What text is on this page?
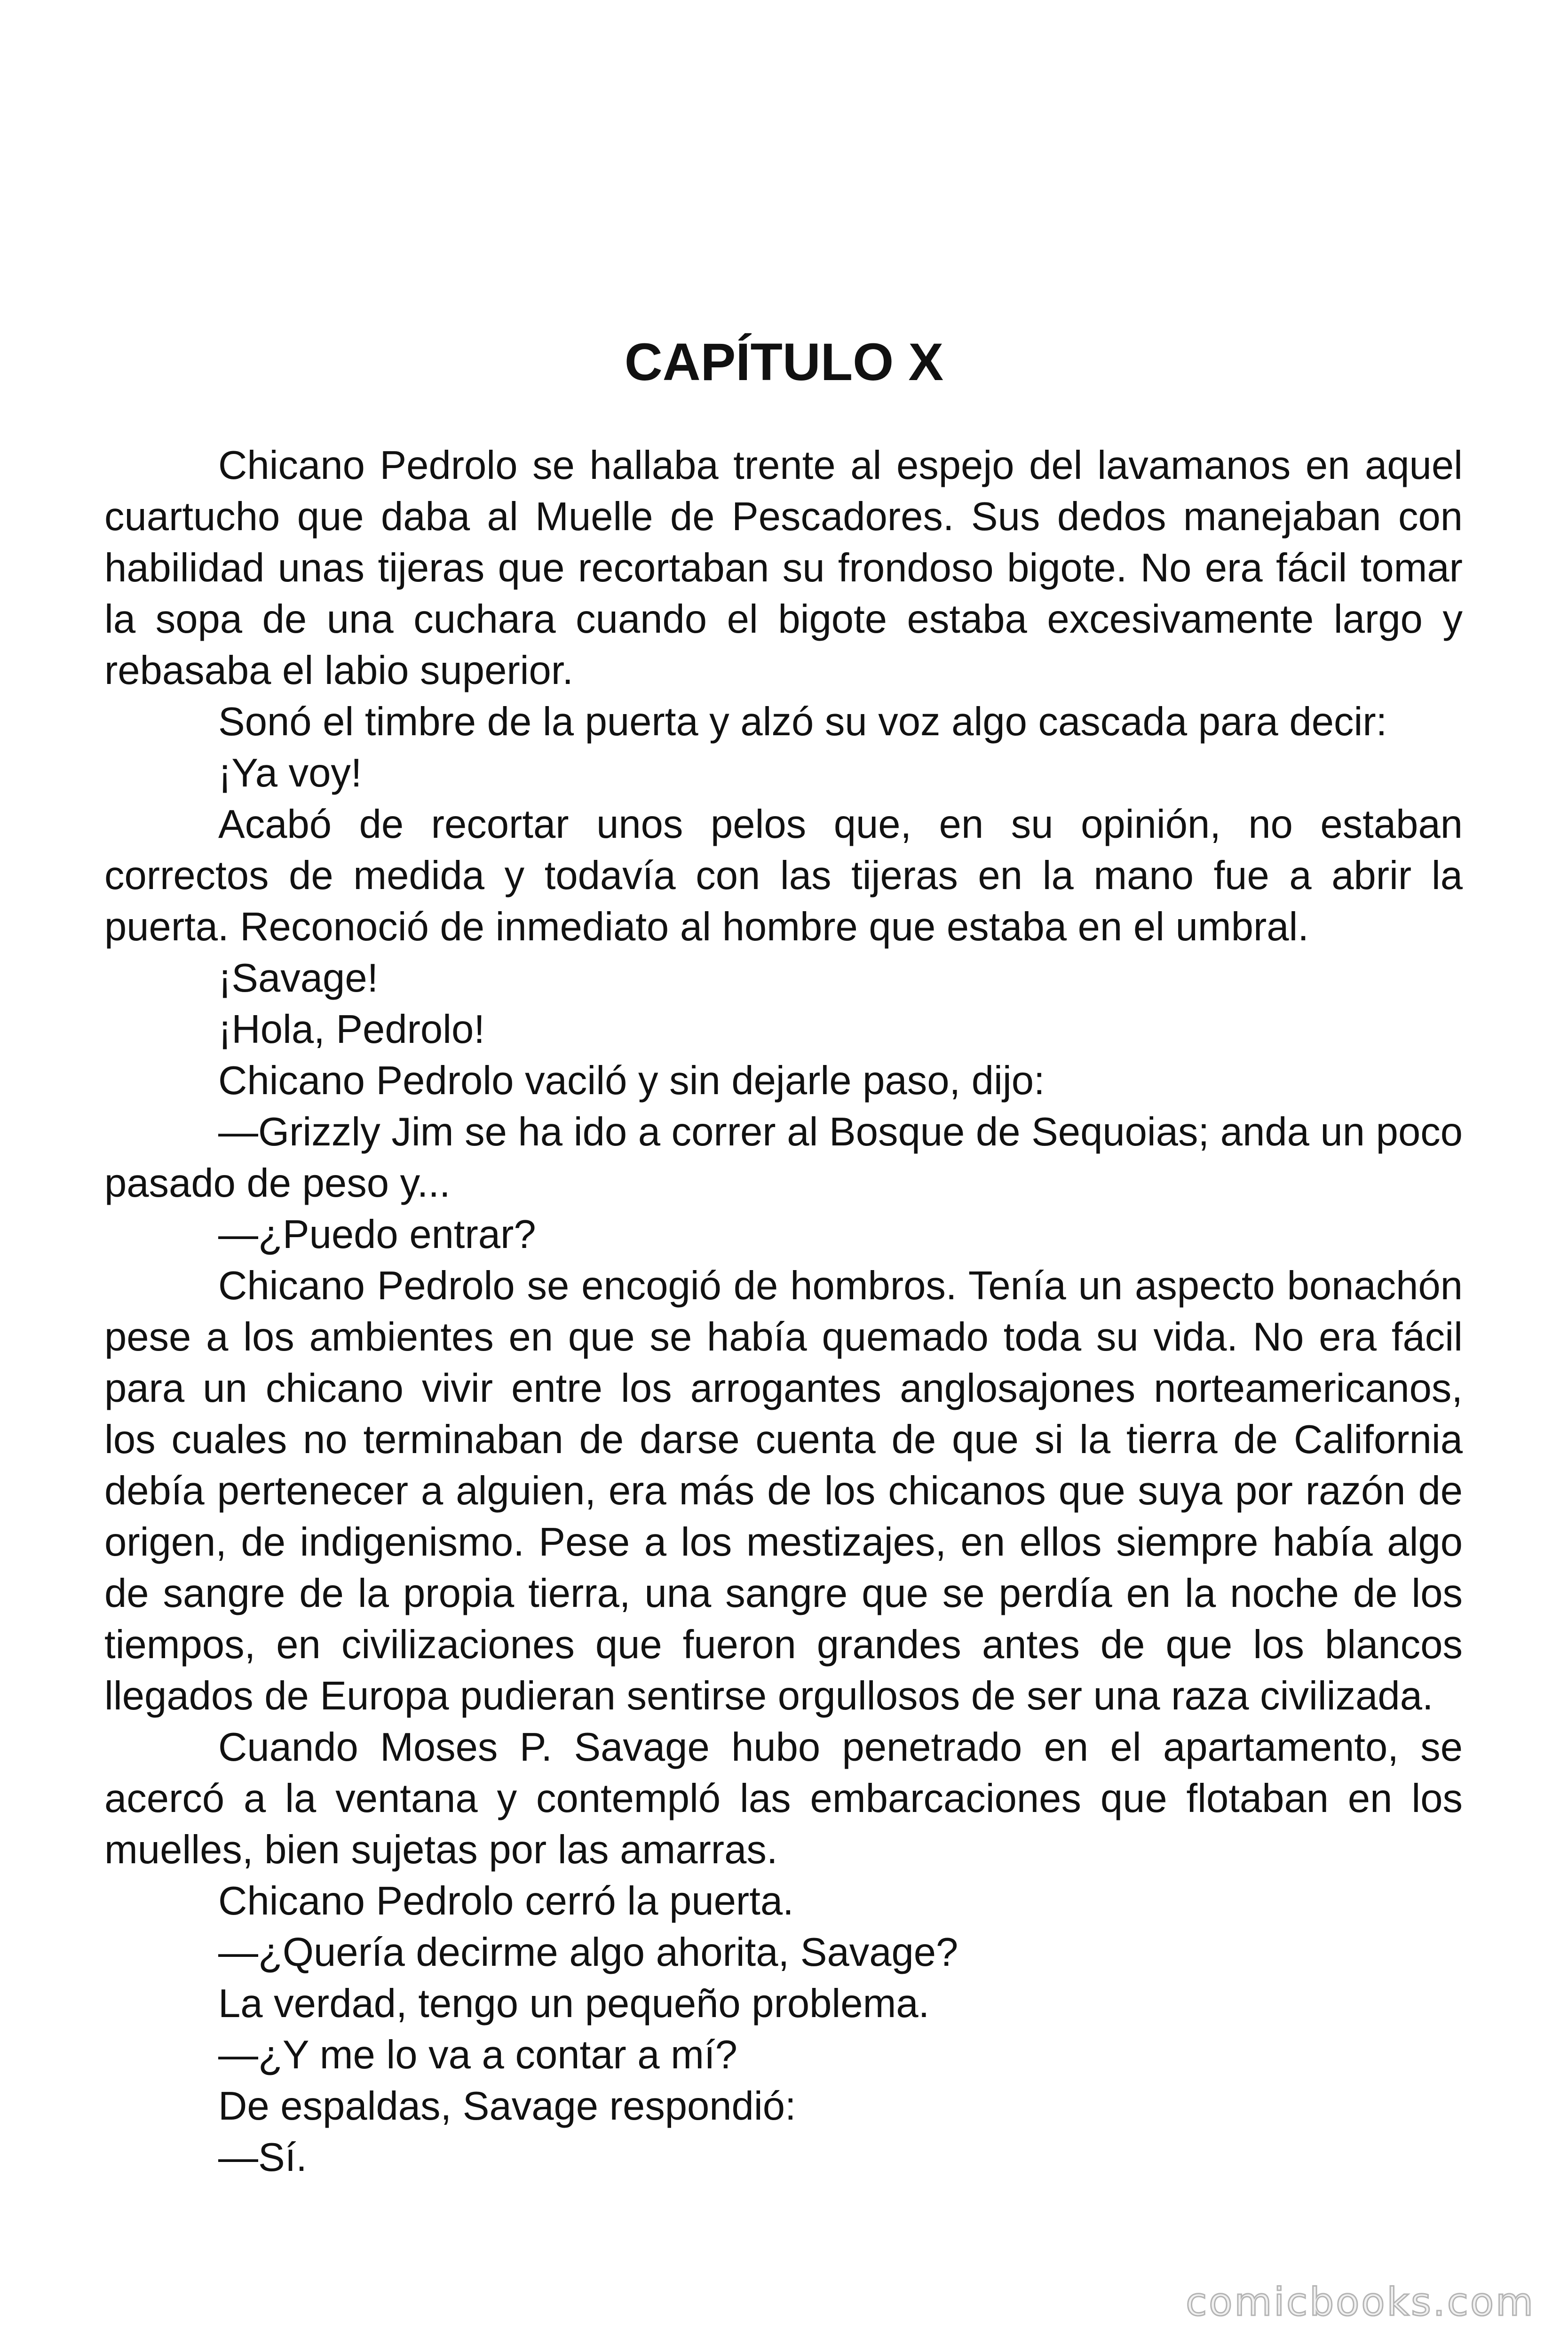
CAPÍTULO X

Chicano Pedrolo se hallaba trente al espejo del lavamanos en aquel cuartucho que daba al Muelle de Pescadores. Sus dedos manejaban con habilidad unas tijeras que recortaban su frondoso bigote. No era fácil tomar la sopa de una cuchara cuando el bigote estaba excesivamente largo y rebasaba el labio superior.

Sonó el timbre de la puerta y alzó su voz algo cascada para decir:

¡Ya voy!

Acabó de recortar unos pelos que, en su opinión, no estaban correctos de medida y todavía con las tijeras en la mano fue a abrir la puerta. Reconoció de inmediato al hombre que estaba en el umbral.

¡Savage!

¡Hola, Pedrolo!

Chicano Pedrolo vaciló y sin dejarle paso, dijo:

—Grizzly Jim se ha ido a correr al Bosque de Sequoias; anda un poco pasado de peso y...

—¿Puedo entrar?

Chicano Pedrolo se encogió de hombros. Tenía un aspecto bonachón pese a los ambientes en que se había quemado toda su vida. No era fácil para un chicano vivir entre los arrogantes anglosajones norteamericanos, los cuales no terminaban de darse cuenta de que si la tierra de California debía pertenecer a alguien, era más de los chicanos que suya por razón de origen, de indigenismo. Pese a los mestizajes, en ellos siempre había algo de sangre de la propia tierra, una sangre que se perdía en la noche de los tiempos, en civilizaciones que fueron grandes antes de que los blancos llegados de Europa pudieran sentirse orgullosos de ser una raza civilizada.

Cuando Moses P. Savage hubo penetrado en el apartamento, se acercó a la ventana y contempló las embarcaciones que flotaban en los muelles, bien sujetas por las amarras.

Chicano Pedrolo cerró la puerta.

—¿Quería decirme algo ahorita, Savage?

La verdad, tengo un pequeño problema.

—¿Y me lo va a contar a mí?

De espaldas, Savage respondió:

—Sí.

comicbooks.com
